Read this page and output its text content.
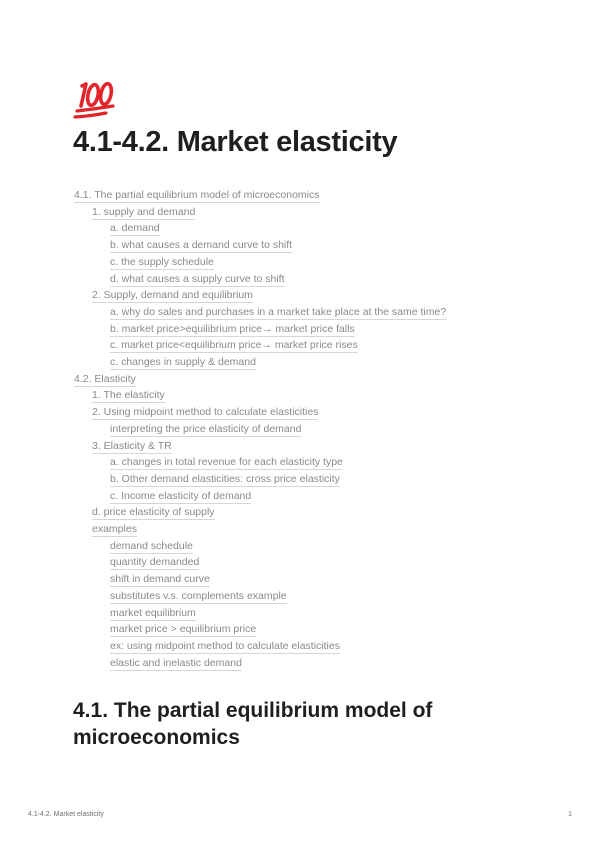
4.1-4.2. Market elasticity
4.1. The partial equilibrium model of microeconomics
1. supply and demand
a. demand
b. what causes a demand curve to shift
c. the supply schedule
d. what causes a supply curve to shift
2. Supply, demand and equilibrium
a. why do sales and purchases in a market take place at the same time?
b. market price>equilibrium price→ market price falls
c. market price<equilibrium price→ market price rises
c. changes in supply & demand
4.2. Elasticity
1. The elasticity
2. Using midpoint method to calculate elasticities
interpreting the price elasticity of demand
3. Elasticity & TR
a. changes in total revenue for each elasticity type
b. Other demand elasticities: cross price elasticity
c. Income elasticity of demand
d. price elasticity of supply
examples
demand schedule
quantity demanded
shift in demand curve
substitutes v.s. complements example
market equilibrium
market price > equilibrium price
ex: using midpoint method to calculate elasticities
elastic and inelastic demand
4.1. The partial equilibrium model of microeconomics
4.1-4.2. Market elasticity	1
